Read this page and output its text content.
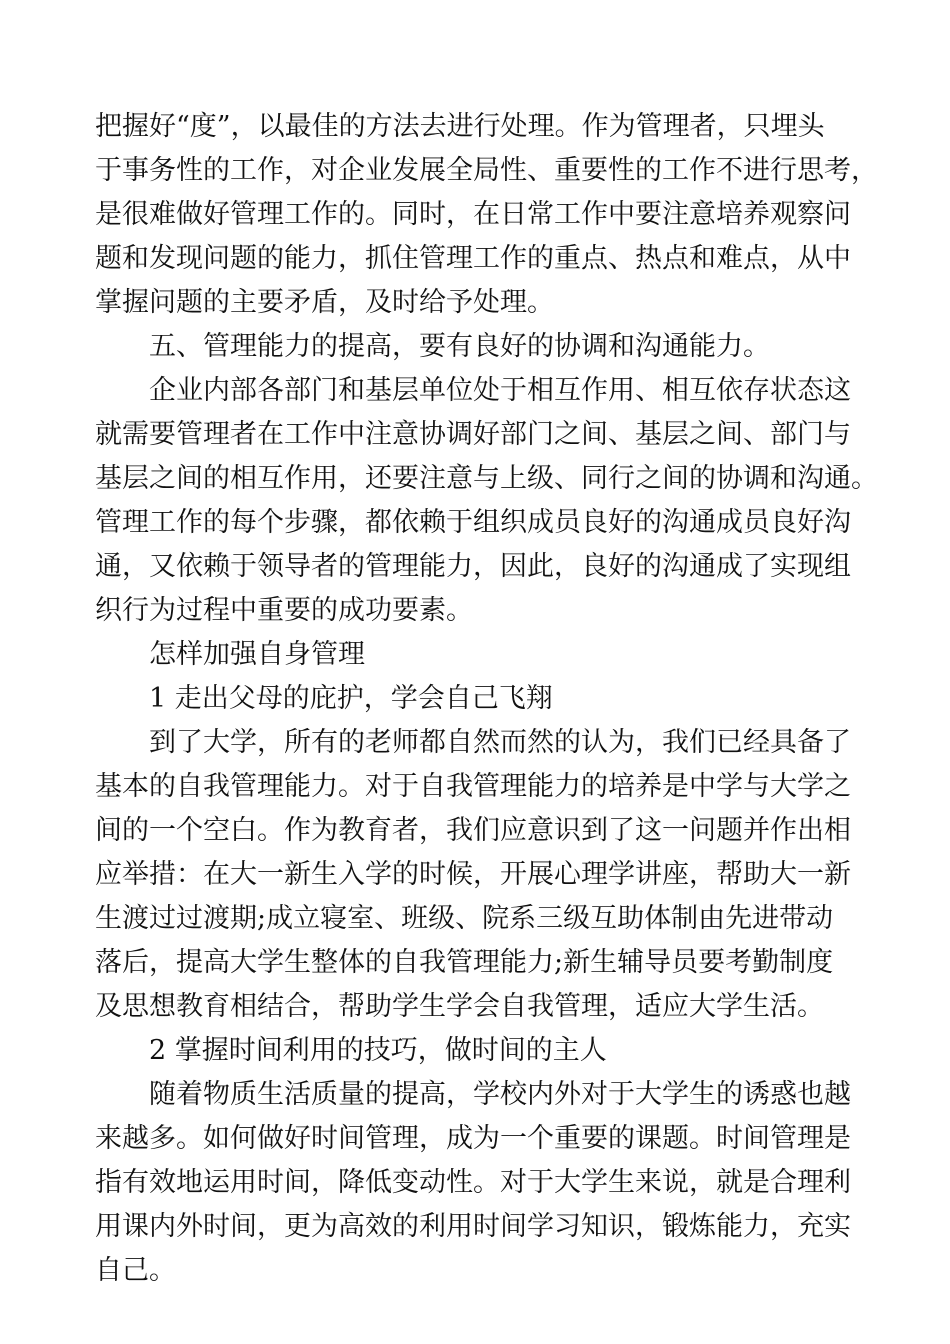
把握好“度”，以最佳的方法去进行处理。作为管理者，只埋头
于事务性的工作，对企业发展全局性、重要性的工作不进行思考，
是很难做好管理工作的。同时，在日常工作中要注意培养观察问
题和发现问题的能力，抓住管理工作的重点、热点和难点，从中
掌握问题的主要矛盾，及时给予处理。
五、管理能力的提高，要有良好的协调和沟通能力。
企业内部各部门和基层单位处于相互作用、相互依存状态这
就需要管理者在工作中注意协调好部门之间、基层之间、部门与
基层之间的相互作用，还要注意与上级、同行之间的协调和沟通。
管理工作的每个步骤，都依赖于组织成员良好的沟通成员良好沟
通，又依赖于领导者的管理能力，因此，良好的沟通成了实现组
织行为过程中重要的成功要素。
怎样加强自身管理
1 走出父母的庇护，学会自己飞翔
到了大学，所有的老师都自然而然的认为，我们已经具备了
基本的自我管理能力。对于自我管理能力的培养是中学与大学之
间的一个空白。作为教育者，我们应意识到了这一问题并作出相
应举措：在大一新生入学的时候，开展心理学讲座，帮助大一新
生渡过过渡期;成立寝室、班级、院系三级互助体制由先进带动
落后，提高大学生整体的自我管理能力;新生辅导员要考勤制度
及思想教育相结合，帮助学生学会自我管理，适应大学生活。
2 掌握时间利用的技巧，做时间的主人
随着物质生活质量的提高，学校内外对于大学生的诱惑也越
来越多。如何做好时间管理，成为一个重要的课题。时间管理是
指有效地运用时间，降低变动性。对于大学生来说，就是合理利
用课内外时间，更为高效的利用时间学习知识，锻炼能力，充实
自己。
